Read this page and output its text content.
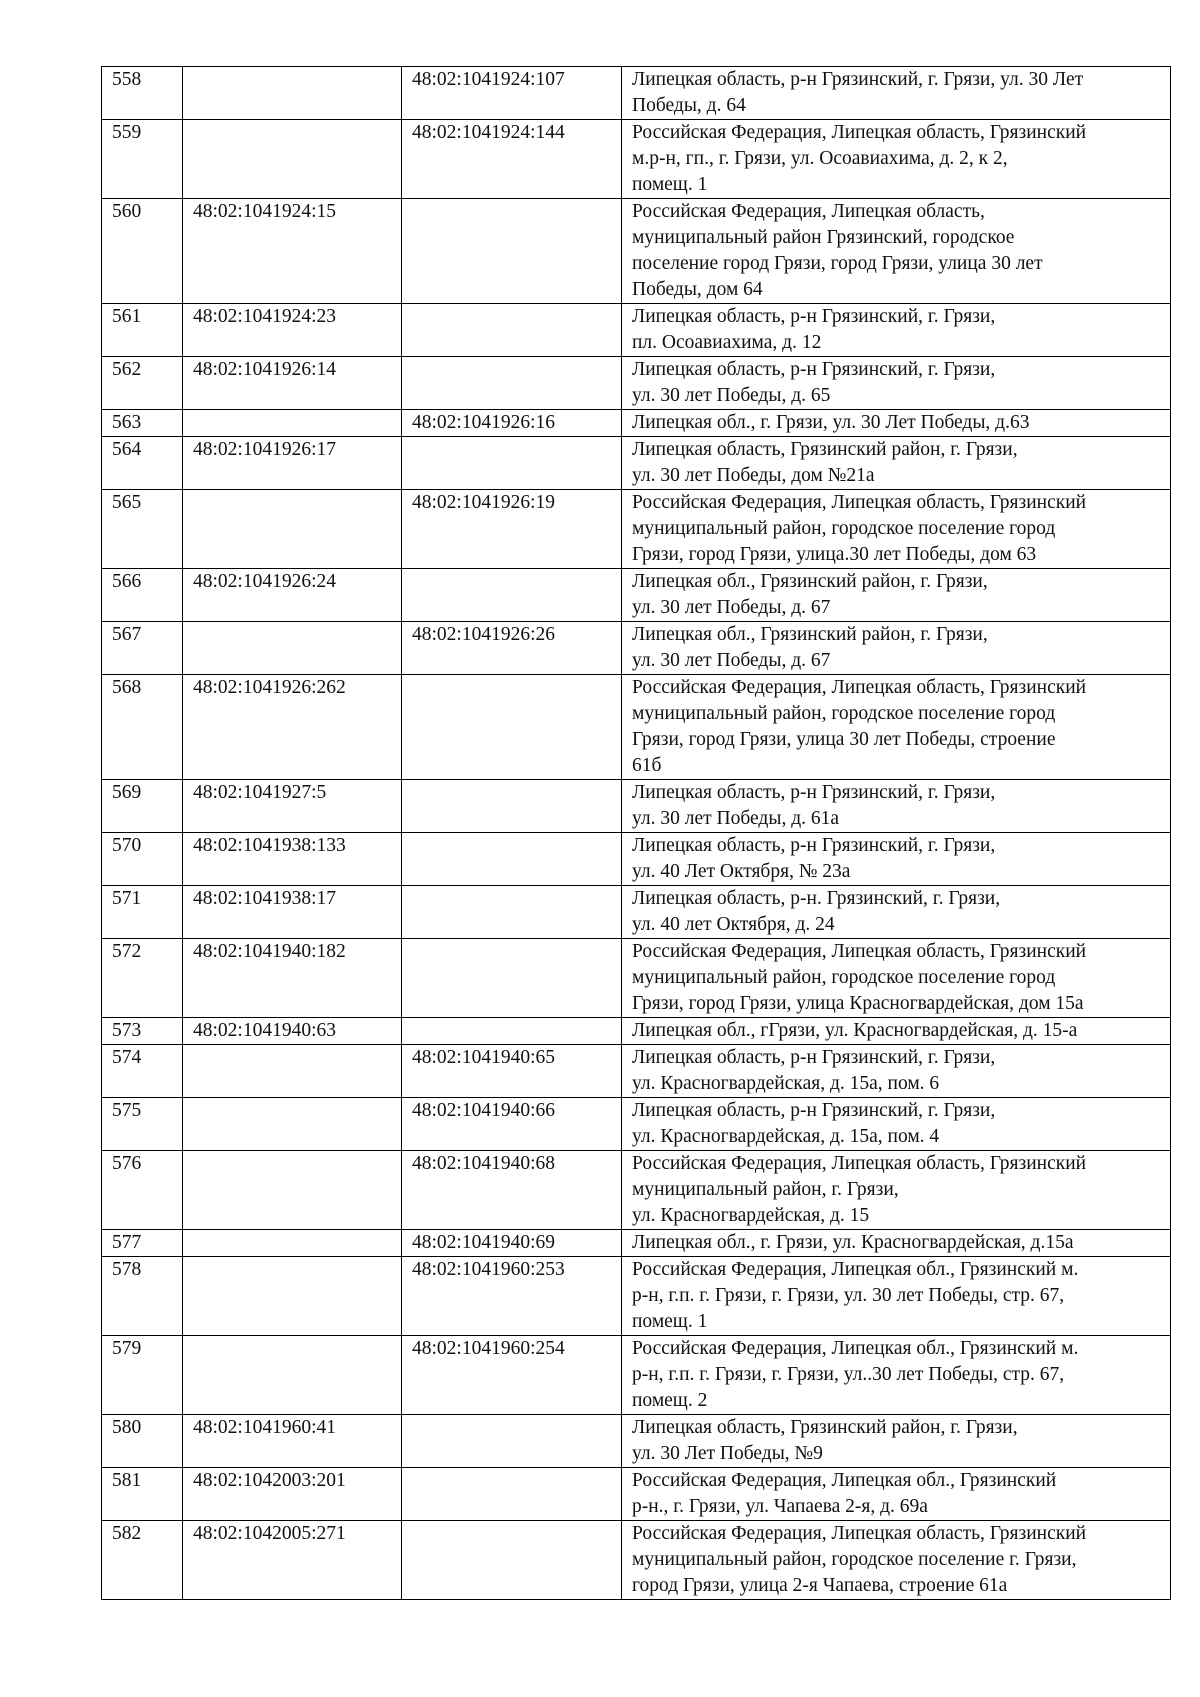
558		48:02:1041924:107	Липецкая область, р-н Грязинский, г. Грязи, ул. 30 Лет
Победы, д. 64
559		48:02:1041924:144	Российская Федерация, Липецкая область, Грязинский
м.р-н, гп., г. Грязи, ул. Осоавиахима, д. 2, к 2,
помещ. 1
560	48:02:1041924:15		Российская Федерация, Липецкая область,
муниципальный район Грязинский, городское
поселение город Грязи, город Грязи, улица 30 лет
Победы, дом 64
561	48:02:1041924:23		Липецкая область, р-н Грязинский, г. Грязи,
пл. Осоавиахима, д. 12
562	48:02:1041926:14		Липецкая область, р-н Грязинский, г. Грязи,
ул. 30 лет Победы, д. 65
563		48:02:1041926:16	Липецкая обл., г. Грязи, ул. 30 Лет Победы, д.63
564	48:02:1041926:17		Липецкая область, Грязинский район, г. Грязи,
ул. 30 лет Победы, дом №21а
565		48:02:1041926:19	Российская Федерация, Липецкая область, Грязинский
муниципальный район, городское поселение город
Грязи, город Грязи, улица.30 лет Победы, дом 63
566	48:02:1041926:24		Липецкая обл., Грязинский район, г. Грязи,
ул. 30 лет Победы, д. 67
567		48:02:1041926:26	Липецкая обл., Грязинский район, г. Грязи,
ул. 30 лет Победы, д. 67
568	48:02:1041926:262		Российская Федерация, Липецкая область, Грязинский
муниципальный район, городское поселение город
Грязи, город Грязи, улица 30 лет Победы, строение
61б
569	48:02:1041927:5		Липецкая область, р-н Грязинский, г. Грязи,
ул. 30 лет Победы, д. 61а
570	48:02:1041938:133		Липецкая область, р-н Грязинский, г. Грязи,
ул. 40 Лет Октября, № 23а
571	48:02:1041938:17		Липецкая область, р-н. Грязинский, г. Грязи,
ул. 40 лет Октября, д. 24
572	48:02:1041940:182		Российская Федерация, Липецкая область, Грязинский
муниципальный район, городское поселение город
Грязи, город Грязи, улица Красногвардейская, дом 15а
573	48:02:1041940:63		Липецкая обл., гГрязи, ул. Красногвардейская, д. 15-а
574		48:02:1041940:65	Липецкая область, р-н Грязинский, г. Грязи,
ул. Красногвардейская, д. 15а, пом. 6
575		48:02:1041940:66	Липецкая область, р-н Грязинский, г. Грязи,
ул. Красногвардейская, д. 15а, пом. 4
576		48:02:1041940:68	Российская Федерация, Липецкая область, Грязинский
муниципальный район, г. Грязи,
ул. Красногвардейская, д. 15
577		48:02:1041940:69	Липецкая обл., г. Грязи, ул. Красногвардейская, д.15а
578		48:02:1041960:253	Российская Федерация, Липецкая обл., Грязинский м.
р-н, г.п. г. Грязи, г. Грязи, ул. 30 лет Победы, стр. 67,
помещ. 1
579		48:02:1041960:254	Российская Федерация, Липецкая обл., Грязинский м.
р-н, г.п. г. Грязи, г. Грязи, ул..30 лет Победы, стр. 67,
помещ. 2
580	48:02:1041960:41		Липецкая область, Грязинский район, г. Грязи,
ул. 30 Лет Победы, №9
581	48:02:1042003:201		Российская Федерация, Липецкая обл., Грязинский
р-н., г. Грязи, ул. Чапаева 2-я, д. 69а
582	48:02:1042005:271		Российская Федерация, Липецкая область, Грязинский
муниципальный район, городское поселение г. Грязи,
город Грязи, улица 2-я Чапаева, строение 61а
